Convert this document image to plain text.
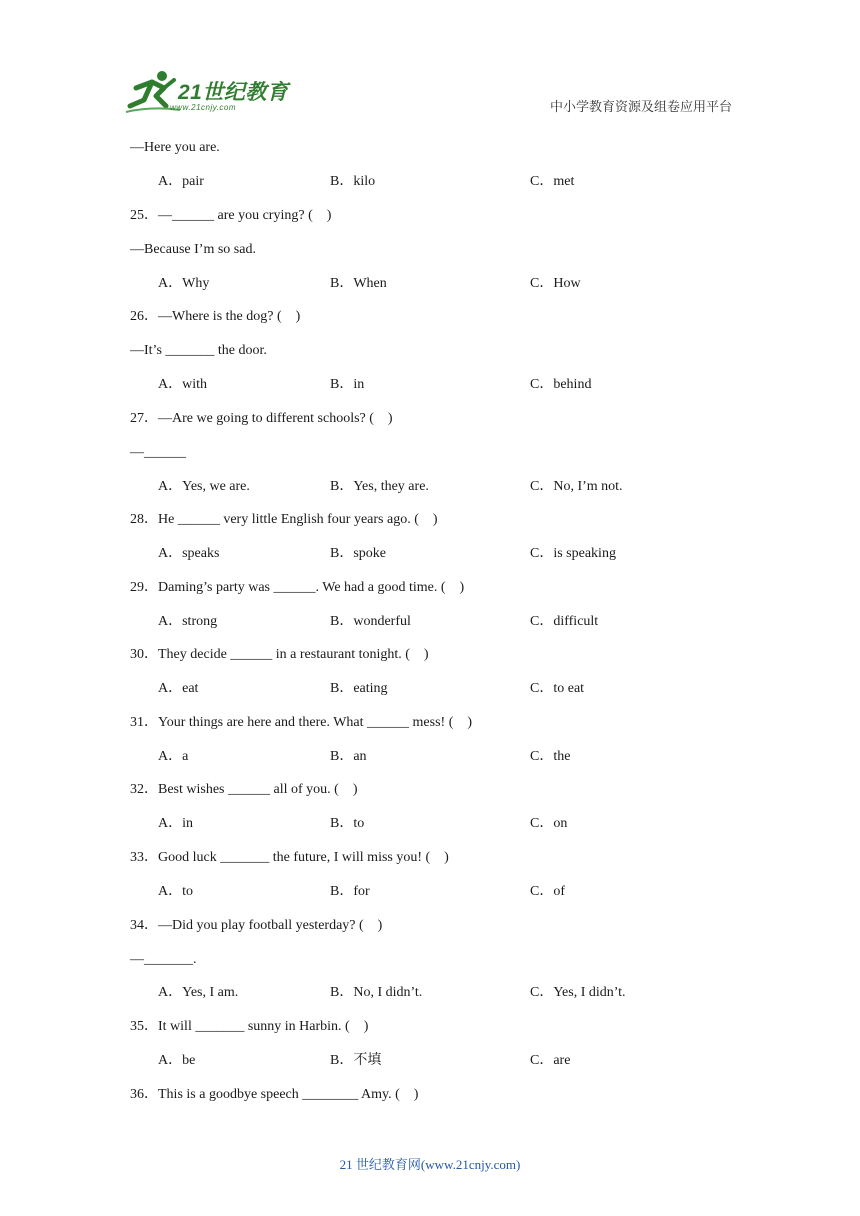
21世纪教育
www.21cnjy.com	中小学教育资源及组卷应用平台
—Here you are.
A．pair	B．kilo	C．met
25．—______ are you crying? (    )
—Because I’m so sad.
A．Why	B．When	C．How
26．—Where is the dog? (    )
—It’s _______ the door.
A．with	B．in	C．behind
27．—Are we going to different schools? (    )
—______
A．Yes, we are.	B．Yes, they are.	C．No, I’m not.
28．He ______ very little English four years ago. (    )
A．speaks	B．spoke	C．is speaking
29．Daming’s party was ______. We had a good time. (    )
A．strong	B．wonderful	C．difficult
30．They decide ______ in a restaurant tonight. (    )
A．eat	B．eating	C．to eat
31．Your things are here and there. What ______ mess! (    )
A．a	B．an	C．the
32．Best wishes ______ all of you. (    )
A．in	B．to	C．on
33．Good luck _______ the future, I will miss you! (    )
A．to	B．for	C．of
34．—Did you play football yesterday? (    )
—_______.
A．Yes, I am.	B．No, I didn’t.	C．Yes, I didn’t.
35．It will _______ sunny in Harbin. (    )
A．be	B．不填	C．are
36．This is a goodbye speech ________ Amy. (    )
21 世纪教育网(www.21cnjy.com)
